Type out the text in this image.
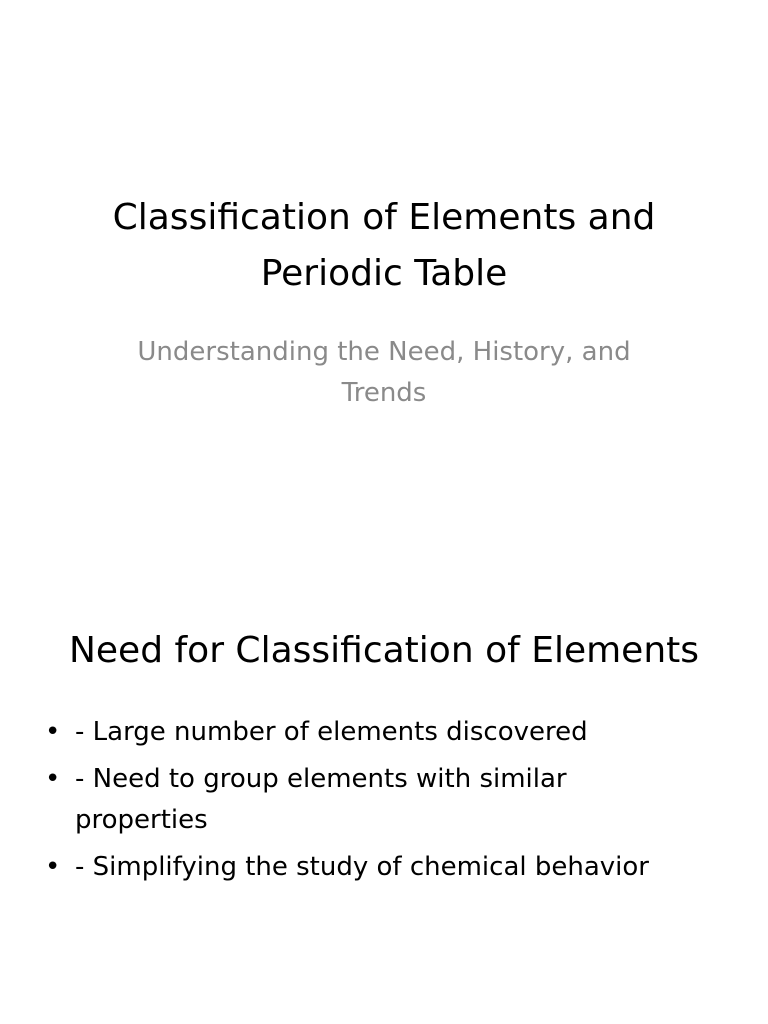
Classification of Elements and Periodic Table

Understanding the Need, History, and Trends

Need for Classification of Elements
• - Large number of elements discovered
• - Need to group elements with similar properties
• - Simplifying the study of chemical behavior
